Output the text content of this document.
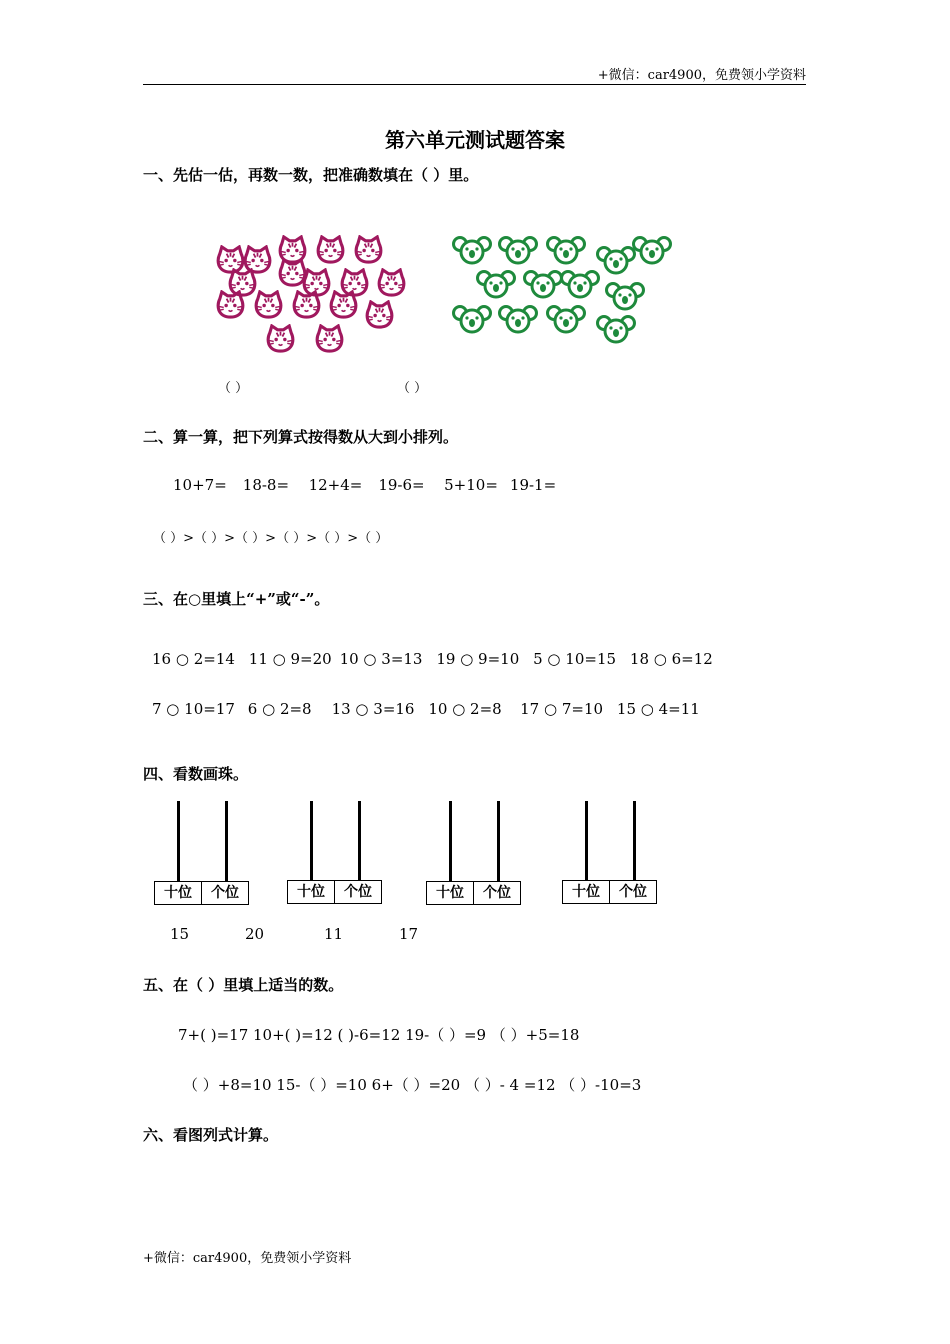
+微信：car4900，免费领小学资料
第六单元测试题答案
一、先估一估，再数一数，把准确数填在（ ）里。
（ ）	（ ）
二、算一算，把下列算式按得数从大到小排列。
10+7= 18-8= 12+4= 19-6= 5+10= 19-1=
（ ）>（ ）>（ ）>（ ）>（ ）>（ ）
三、在○里填上“+”或“-”。
16 ○ 2=14 11 ○ 9=20 10 ○ 3=13 19 ○ 9=10 5 ○ 10=15 18 ○ 6=12
7 ○ 10=17 6 ○ 2=8 13 ○ 3=16 10 ○ 2=8 17 ○ 7=10 15 ○ 4=11
四、看数画珠。
十位	个位	十位	个位	十位	个位	十位	个位
15	20	11	17
五、在（ ）里填上适当的数。
7+( )=17 10+( )=12 ( )-6=12 19-（ ）=9 （ ）+5=18
（ ）+8=10 15-（ ）=10 6+（ ）=20 （ ）- 4 =12 （ ）-10=3
六、看图列式计算。
+微信：car4900，免费领小学资料
